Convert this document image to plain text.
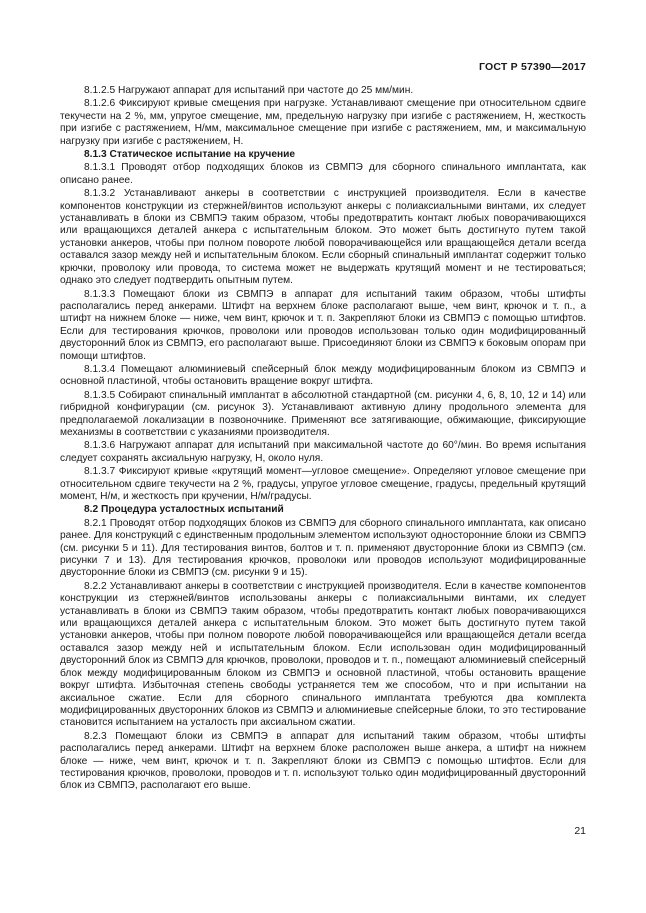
ГОСТ Р 57390—2017

8.1.2.5 Нагружают аппарат для испытаний при частоте до 25 мм/мин.

8.1.2.6 Фиксируют кривые смещения при нагрузке. Устанавливают смещение при относительном сдвиге текучести на 2 %, мм, упругое смещение, мм, предельную нагрузку при изгибе с растяжением, Н, жесткость при изгибе с растяжением, Н/мм, максимальное смещение при изгибе с растяжением, мм, и максимальную нагрузку при изгибе с растяжением, Н.

8.1.3 Статическое испытание на кручение

8.1.3.1 Проводят отбор подходящих блоков из СВМПЭ для сборного спинального имплантата, как описано ранее.

8.1.3.2 Устанавливают анкеры в соответствии с инструкцией производителя. Если в качестве компонентов конструкции из стержней/винтов используют анкеры с полиаксиальными винтами, их следует устанавливать в блоки из СВМПЭ таким образом, чтобы предотвратить контакт любых поворачивающихся или вращающихся деталей анкера с испытательным блоком. Это может быть достигнуто путем такой установки анкеров, чтобы при полном повороте любой поворачивающейся или вращающейся детали всегда оставался зазор между ней и испытательным блоком. Если сборный спинальный имплантат содержит только крючки, проволоку или провода, то система может не выдержать крутящий момент и не тестироваться; однако это следует подтвердить опытным путем.

8.1.3.3 Помещают блоки из СВМПЭ в аппарат для испытаний таким образом, чтобы штифты располагались перед анкерами. Штифт на верхнем блоке располагают выше, чем винт, крючок и т. п., а штифт на нижнем блоке — ниже, чем винт, крючок и т. п. Закрепляют блоки из СВМПЭ с помощью штифтов. Если для тестирования крючков, проволоки или проводов использован только один модифицированный двусторонний блок из СВМПЭ, его располагают выше. Присоединяют блоки из СВМПЭ к боковым опорам при помощи штифтов.

8.1.3.4 Помещают алюминиевый спейсерный блок между модифицированным блоком из СВМПЭ и основной пластиной, чтобы остановить вращение вокруг штифта.

8.1.3.5 Собирают спинальный имплантат в абсолютной стандартной (см. рисунки 4, 6, 8, 10, 12 и 14) или гибридной конфигурации (см. рисунок 3). Устанавливают активную длину продольного элемента для предполагаемой локализации в позвоночнике. Применяют все затягивающие, обжимающие, фиксирующие механизмы в соответствии с указаниями производителя.

8.1.3.6 Нагружают аппарат для испытаний при максимальной частоте до 60°/мин. Во время испытания следует сохранять аксиальную нагрузку, Н, около нуля.

8.1.3.7 Фиксируют кривые «крутящий момент—угловое смещение». Определяют угловое смещение при относительном сдвиге текучести на 2 %, градусы, упругое угловое смещение, градусы, предельный крутящий момент, Н/м, и жесткость при кручении, Н/м/градусы.

8.2 Процедура усталостных испытаний

8.2.1 Проводят отбор подходящих блоков из СВМПЭ для сборного спинального имплантата, как описано ранее. Для конструкций с единственным продольным элементом используют односторонние блоки из СВМПЭ (см. рисунки 5 и 11). Для тестирования винтов, болтов и т. п. применяют двусторонние блоки из СВМПЭ (см. рисунки 7 и 13). Для тестирования крючков, проволоки или проводов используют модифицированные двусторонние блоки из СВМПЭ (см. рисунки 9 и 15).

8.2.2 Устанавливают анкеры в соответствии с инструкцией производителя. Если в качестве компонентов конструкции из стержней/винтов использованы анкеры с полиаксиальными винтами, их следует устанавливать в блоки из СВМПЭ таким образом, чтобы предотвратить контакт любых поворачивающихся или вращающихся деталей анкера с испытательным блоком. Это может быть достигнуто путем такой установки анкеров, чтобы при полном повороте любой поворачивающейся или вращающейся детали всегда оставался зазор между ней и испытательным блоком. Если использован один модифицированный двусторонний блок из СВМПЭ для крючков, проволоки, проводов и т. п., помещают алюминиевый спейсерный блок между модифицированным блоком из СВМПЭ и основной пластиной, чтобы остановить вращение вокруг штифта. Избыточная степень свободы устраняется тем же способом, что и при испытании на аксиальное сжатие. Если для сборного спинального имплантата требуются два комплекта модифицированных двусторонних блоков из СВМПЭ и алюминиевые спейсерные блоки, то это тестирование становится испытанием на усталость при аксиальном сжатии.

8.2.3 Помещают блоки из СВМПЭ в аппарат для испытаний таким образом, чтобы штифты располагались перед анкерами. Штифт на верхнем блоке расположен выше анкера, а штифт на нижнем блоке — ниже, чем винт, крючок и т. п. Закрепляют блоки из СВМПЭ с помощью штифтов. Если для тестирования крючков, проволоки, проводов и т. п. используют только один модифицированный двусторонний блок из СВМПЭ, располагают его выше.

21
